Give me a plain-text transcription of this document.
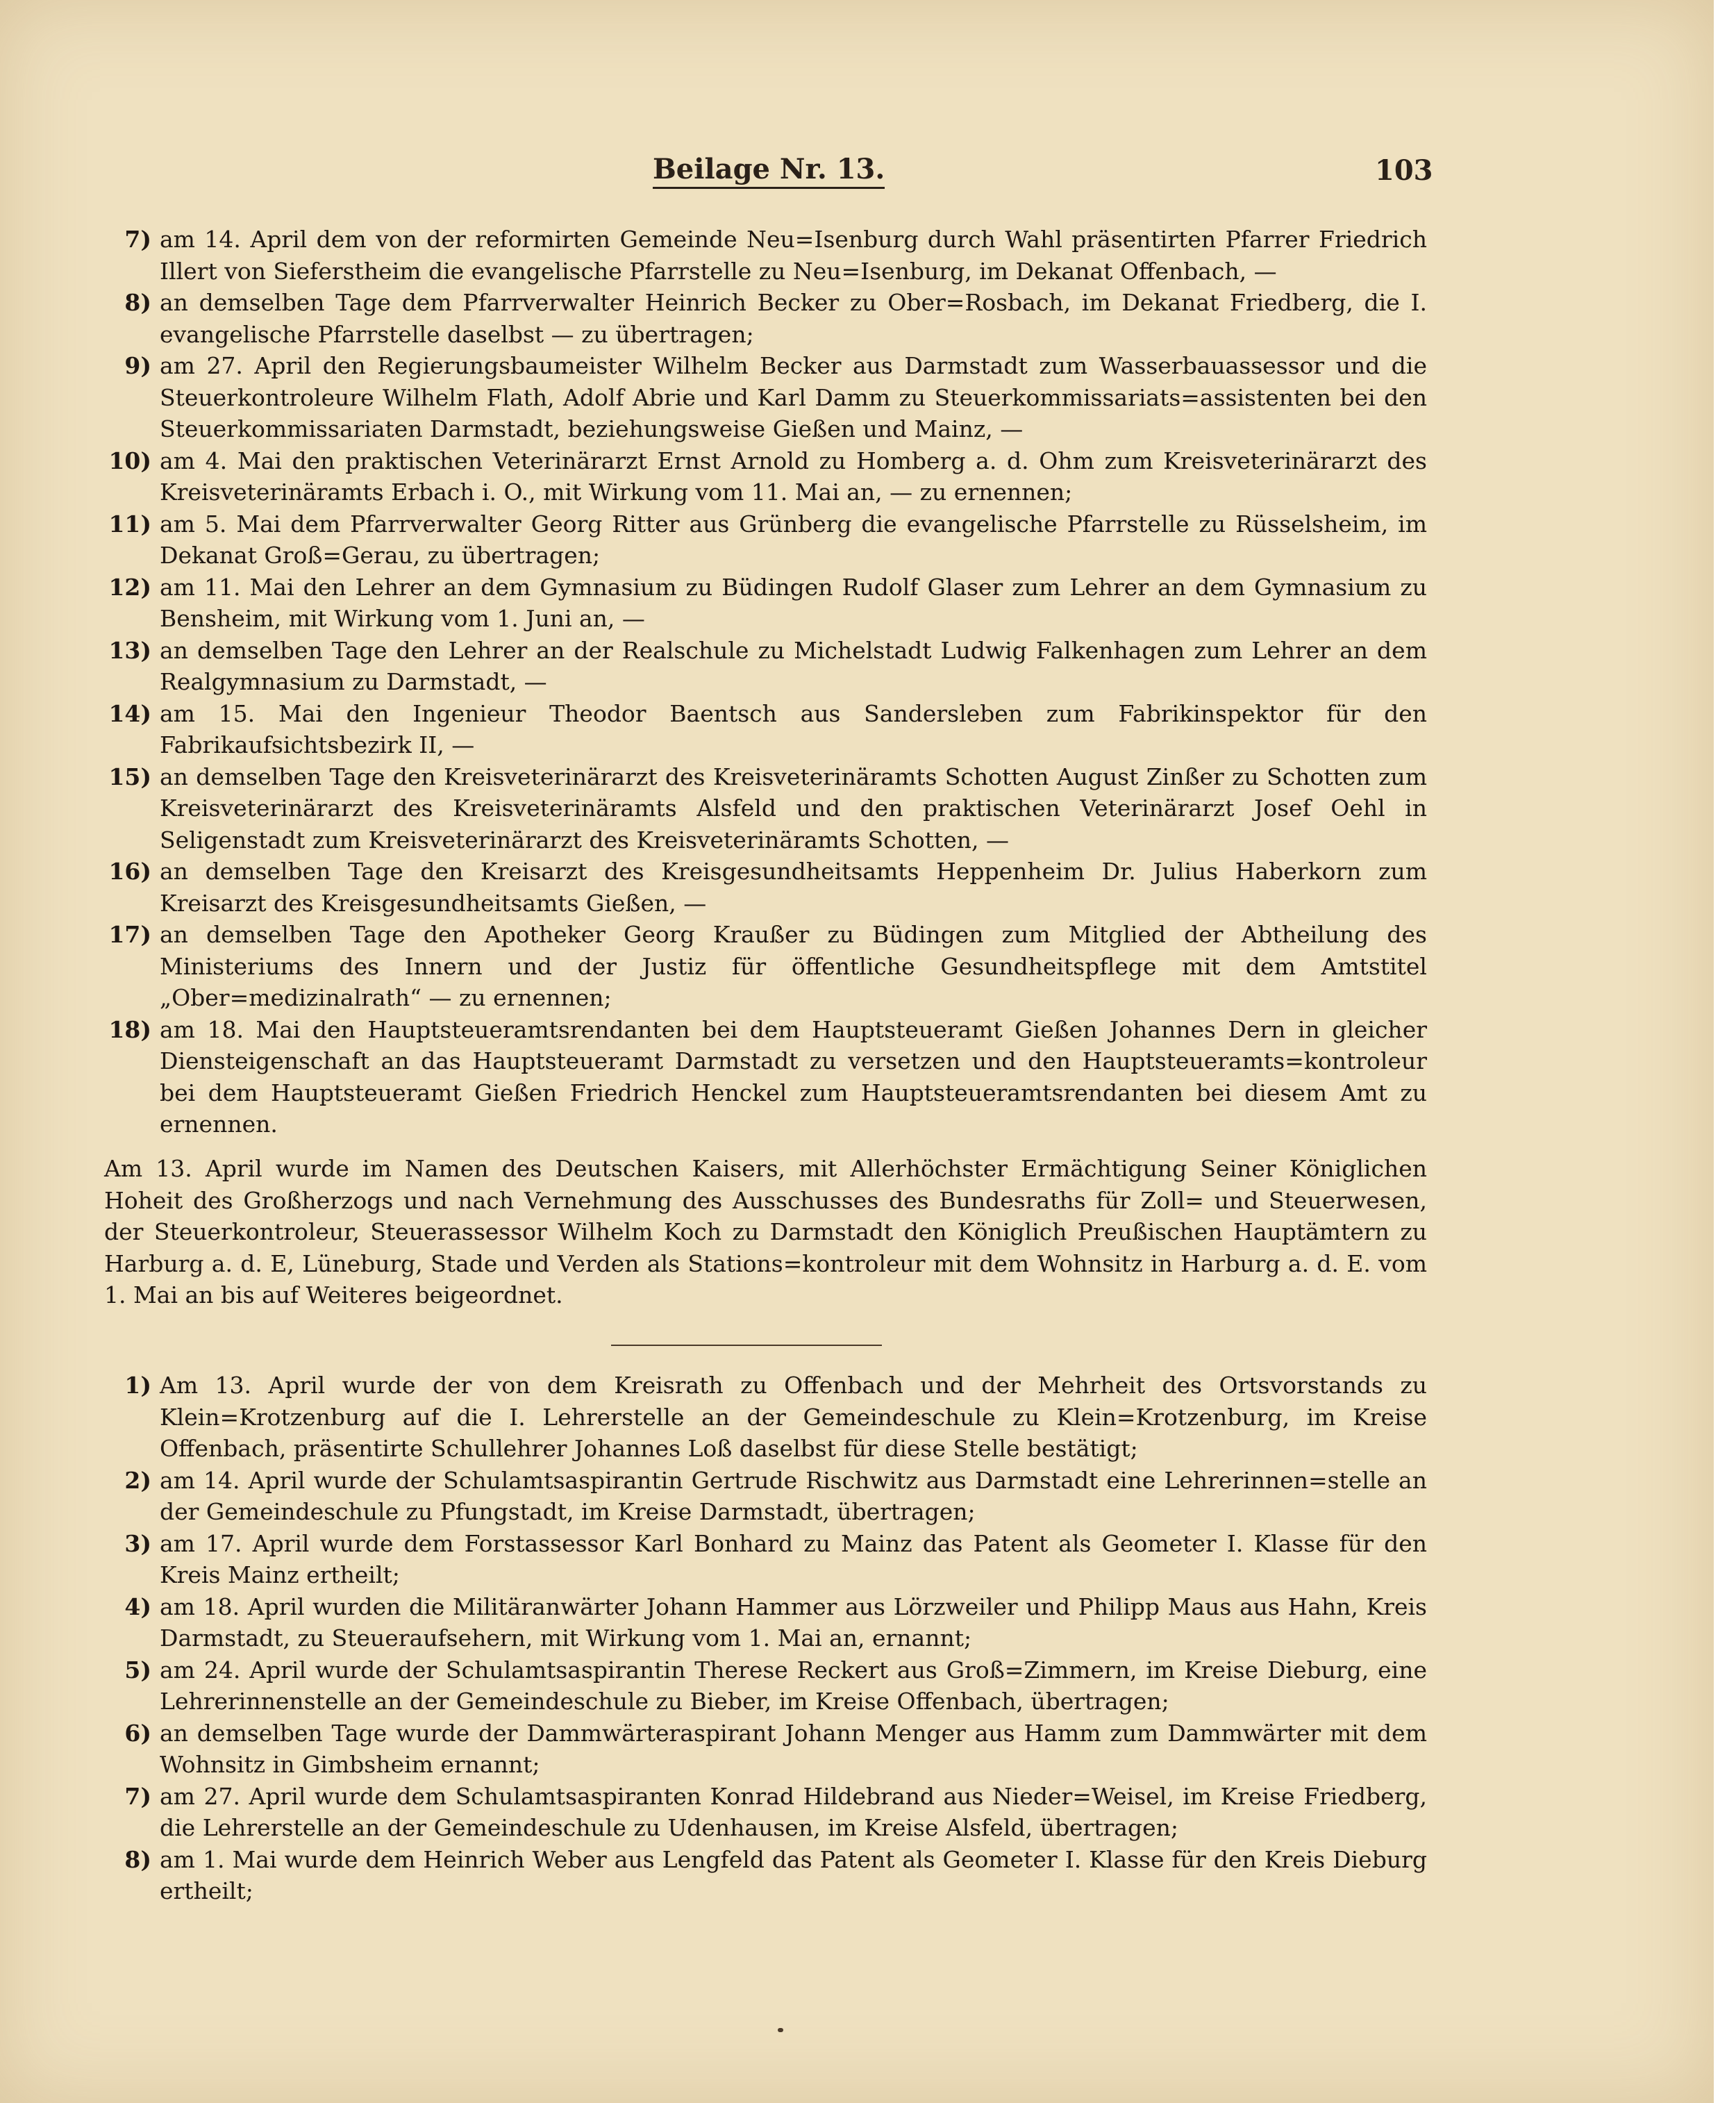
Beilage Nr. 13.	103
7) am 14. April dem von der reformirten Gemeinde Neu=Isenburg durch Wahl präsentirten Pfarrer Friedrich Illert von Sieferstheim die evangelische Pfarrstelle zu Neu=Isenburg, im Dekanat Offenbach, —
8) an demselben Tage dem Pfarrverwalter Heinrich Becker zu Ober=Rosbach, im Dekanat Friedberg, die I. evangelische Pfarrstelle daselbst — zu übertragen;
9) am 27. April den Regierungsbaumeister Wilhelm Becker aus Darmstadt zum Wasserbauassessor und die Steuerkontroleure Wilhelm Flath, Adolf Abrie und Karl Damm zu Steuerkommissariats=assistenten bei den Steuerkommissariaten Darmstadt, beziehungsweise Gießen und Mainz, —
10) am 4. Mai den praktischen Veterinärarzt Ernst Arnold zu Homberg a. d. Ohm zum Kreisveterinärarzt des Kreisveterinäramts Erbach i. O., mit Wirkung vom 11. Mai an, — zu ernennen;
11) am 5. Mai dem Pfarrverwalter Georg Ritter aus Grünberg die evangelische Pfarrstelle zu Rüsselsheim, im Dekanat Groß=Gerau, zu übertragen;
12) am 11. Mai den Lehrer an dem Gymnasium zu Büdingen Rudolf Glaser zum Lehrer an dem Gymnasium zu Bensheim, mit Wirkung vom 1. Juni an, —
13) an demselben Tage den Lehrer an der Realschule zu Michelstadt Ludwig Falkenhagen zum Lehrer an dem Realgymnasium zu Darmstadt, —
14) am 15. Mai den Ingenieur Theodor Baentsch aus Sandersleben zum Fabrikinspektor für den Fabrikaufsichtsbezirk II, —
15) an demselben Tage den Kreisveterinärarzt des Kreisveterinäramts Schotten August Zinßer zu Schotten zum Kreisveterinärarzt des Kreisveterinäramts Alsfeld und den praktischen Veterinärarzt Josef Oehl in Seligenstadt zum Kreisveterinärarzt des Kreisveterinäramts Schotten, —
16) an demselben Tage den Kreisarzt des Kreisgesundheitsamts Heppenheim Dr. Julius Haberkorn zum Kreisarzt des Kreisgesundheitsamts Gießen, —
17) an demselben Tage den Apotheker Georg Kraußer zu Büdingen zum Mitglied der Abtheilung des Ministeriums des Innern und der Justiz für öffentliche Gesundheitspflege mit dem Amtstitel „Ober=medizinalrath“ — zu ernennen;
18) am 18. Mai den Hauptsteueramtsrendanten bei dem Hauptsteueramt Gießen Johannes Dern in gleicher Diensteigenschaft an das Hauptsteueramt Darmstadt zu versetzen und den Hauptsteueramts=kontroleur bei dem Hauptsteueramt Gießen Friedrich Henckel zum Hauptsteueramtsrendanten bei diesem Amt zu ernennen.
Am 13. April wurde im Namen des Deutschen Kaisers, mit Allerhöchster Ermächtigung Seiner Königlichen Hoheit des Großherzogs und nach Vernehmung des Ausschusses des Bundesraths für Zoll= und Steuerwesen, der Steuerkontroleur, Steuerassessor Wilhelm Koch zu Darmstadt den Königlich Preußischen Hauptämtern zu Harburg a. d. E, Lüneburg, Stade und Verden als Stations=kontroleur mit dem Wohnsitz in Harburg a. d. E. vom 1. Mai an bis auf Weiteres beigeordnet.
1) Am 13. April wurde der von dem Kreisrath zu Offenbach und der Mehrheit des Ortsvorstands zu Klein=Krotzenburg auf die I. Lehrerstelle an der Gemeindeschule zu Klein=Krotzenburg, im Kreise Offenbach, präsentirte Schullehrer Johannes Loß daselbst für diese Stelle bestätigt;
2) am 14. April wurde der Schulamtsaspirantin Gertrude Rischwitz aus Darmstadt eine Lehrerinnen=stelle an der Gemeindeschule zu Pfungstadt, im Kreise Darmstadt, übertragen;
3) am 17. April wurde dem Forstassessor Karl Bonhard zu Mainz das Patent als Geometer I. Klasse für den Kreis Mainz ertheilt;
4) am 18. April wurden die Militäranwärter Johann Hammer aus Lörzweiler und Philipp Maus aus Hahn, Kreis Darmstadt, zu Steueraufsehern, mit Wirkung vom 1. Mai an, ernannt;
5) am 24. April wurde der Schulamtsaspirantin Therese Reckert aus Groß=Zimmern, im Kreise Dieburg, eine Lehrerinnenstelle an der Gemeindeschule zu Bieber, im Kreise Offenbach, übertragen;
6) an demselben Tage wurde der Dammwärteraspirant Johann Menger aus Hamm zum Dammwärter mit dem Wohnsitz in Gimbsheim ernannt;
7) am 27. April wurde dem Schulamtsaspiranten Konrad Hildebrand aus Nieder=Weisel, im Kreise Friedberg, die Lehrerstelle an der Gemeindeschule zu Udenhausen, im Kreise Alsfeld, übertragen;
8) am 1. Mai wurde dem Heinrich Weber aus Lengfeld das Patent als Geometer I. Klasse für den Kreis Dieburg ertheilt;
